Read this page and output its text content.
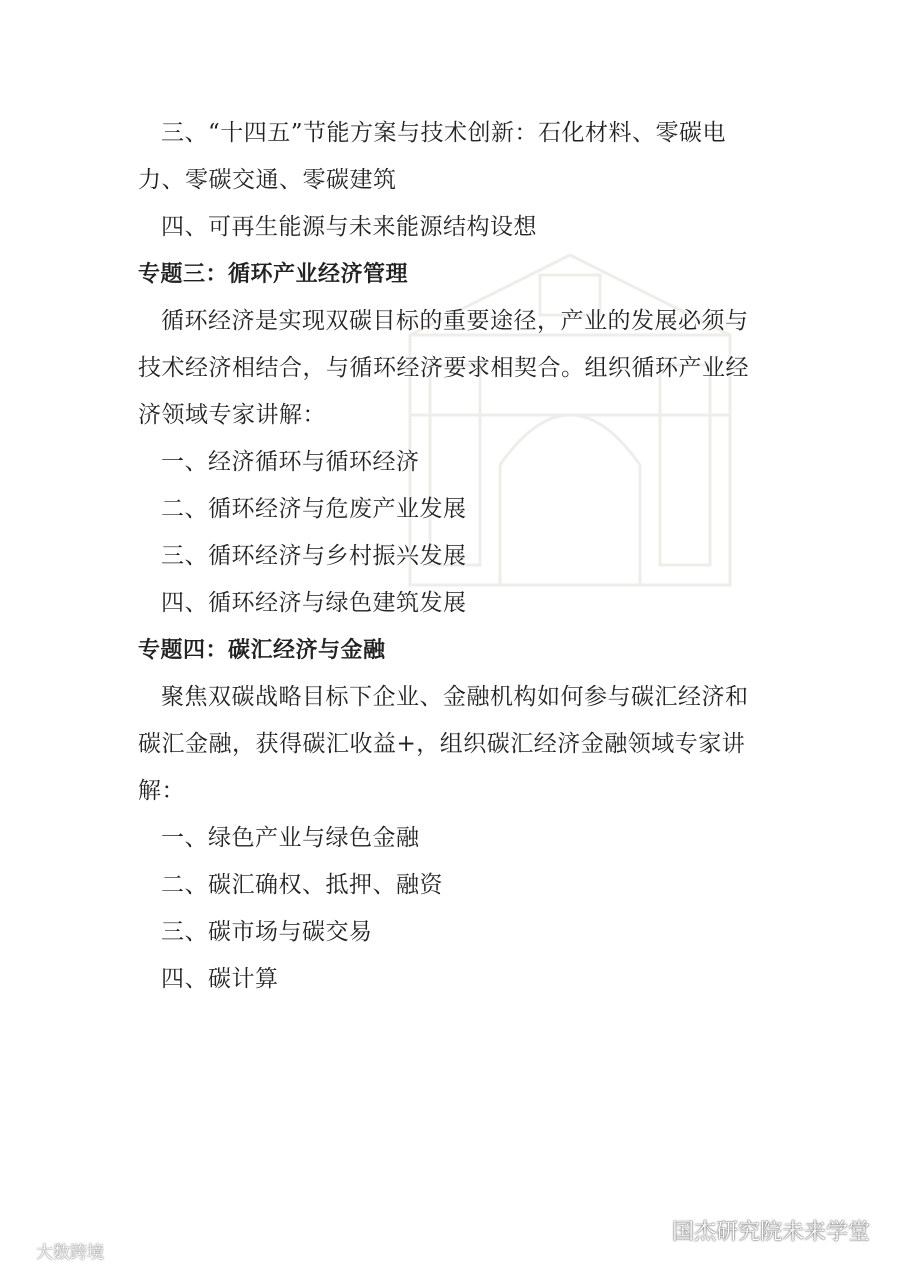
三、“十四五”节能方案与技术创新：石化材料、零碳电
力、零碳交通、零碳建筑
四、可再生能源与未来能源结构设想
专题三：循环产业经济管理
循环经济是实现双碳目标的重要途径，产业的发展必须与
技术经济相结合，与循环经济要求相契合。组织循环产业经
济领域专家讲解：
一、经济循环与循环经济
二、循环经济与危废产业发展
三、循环经济与乡村振兴发展
四、循环经济与绿色建筑发展
专题四：碳汇经济与金融
聚焦双碳战略目标下企业、金融机构如何参与碳汇经济和
碳汇金融，获得碳汇收益+，组织碳汇经济金融领域专家讲
解：
一、绿色产业与绿色金融
二、碳汇确权、抵押、融资
三、碳市场与碳交易
四、碳计算
大数跨境
国杰研究院未来学堂
